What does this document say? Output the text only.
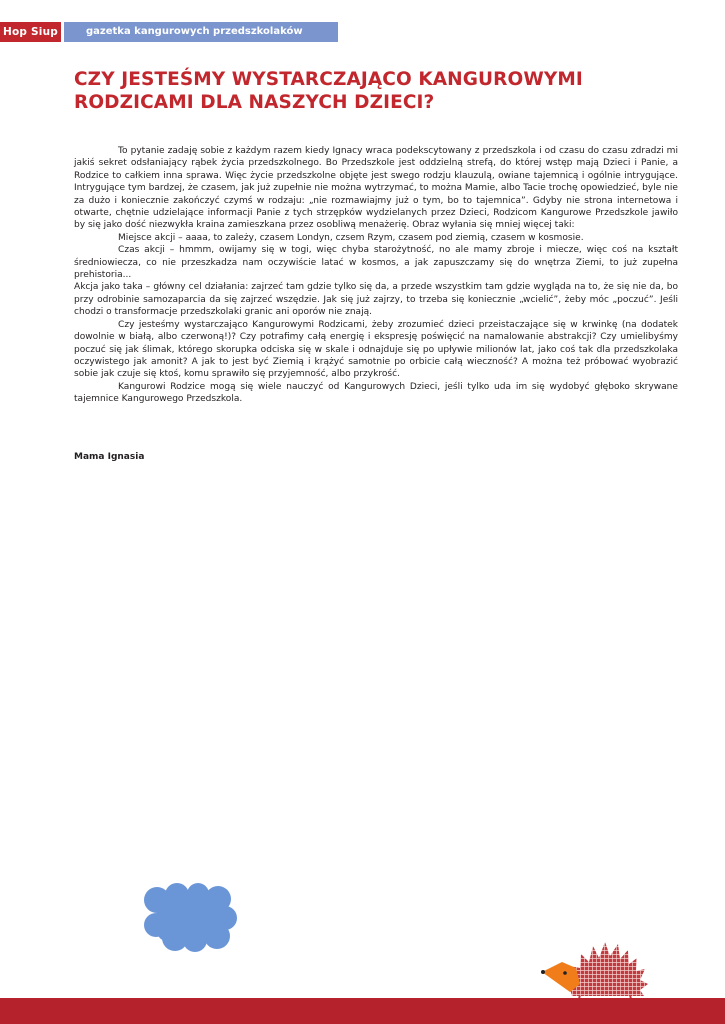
Hop Siup	gazetka kangurowych przedszkolaków
CZY JESTEŚMY WYSTARCZAJĄCO KANGUROWYMI RODZICAMI DLA NASZYCH DZIECI?

To pytanie zadaję sobie z każdym razem kiedy Ignacy wraca podekscytowany z przedszkola i od czasu do czasu zdradzi mi jakiś sekret odsłaniający rąbek życia przedszkolnego. Bo Przedszkole jest oddzielną strefą, do której wstęp mają Dzieci i Panie, a Rodzice to całkiem inna sprawa. Więc życie przedszkolne objęte jest swego rodzju klauzulą, owiane tajemnicą i ogólnie intrygujące. Intrygujące tym bardzej, że czasem, jak już zupełnie nie można wytrzymać, to można Mamie, albo Tacie trochę opowiedzieć, byle nie za dużo i koniecznie zakończyć czymś w rodzaju: „nie rozmawiajmy już o tym, bo to tajemnica”. Gdyby nie strona internetowa i otwarte, chętnie udzielające informacji Panie z tych strzępków wydzielanych przez Dzieci, Rodzicom Kangurowe Przedszkole jawiło by się jako dość niezwykła kraina zamieszkana przez osobliwą menażerię. Obraz wyłania się mniej więcej taki:

Miejsce akcji – aaaa, to zależy, czasem Londyn, czsem Rzym, czasem pod ziemią, czasem w kosmosie.

Czas akcji – hmmm, owijamy się w togi, więc chyba starożytność, no ale mamy zbroje i miecze, więc coś na kształt średniowiecza, co nie przeszkadza nam oczywiście latać w kosmos, a jak zapuszczamy się do wnętrza Ziemi, to już zupełna prehistoria...

Akcja jako taka – główny cel działania: zajrzeć tam gdzie tylko się da, a przede wszystkim tam gdzie wygląda na to, że się nie da, bo przy odrobinie samozaparcia da się zajrzeć wszędzie. Jak się już zajrzy, to trzeba się koniecznie „wcielić”, żeby móc „poczuć”. Jeśli chodzi o transformacje przedszkolaki granic ani oporów nie znają.

Czy jesteśmy wystarczająco Kangurowymi Rodzicami, żeby zrozumieć dzieci przeistaczające się w krwinkę (na dodatek dowolnie w białą, albo czerwoną!)? Czy potrafimy całą energię i ekspresję poświęcić na namalowanie abstrakcji? Czy umielibyśmy poczuć się jak ślimak, którego skorupka odciska się w skale i odnajduje się po upływie milionów lat, jako coś tak dla przedszkolaka oczywistego jak amonit? A jak to jest być Ziemią i krążyć samotnie po orbicie całą wieczność? A można też próbować wyobrazić sobie jak czuje się ktoś, komu sprawiło się przyjemność, albo przykrość.

Kangurowi Rodzice mogą się wiele nauczyć od Kangurowych Dzieci, jeśli tylko uda im się wydobyć głęboko skrywane tajemnice Kangurowego Przedszkola.

Mama Ignasia
